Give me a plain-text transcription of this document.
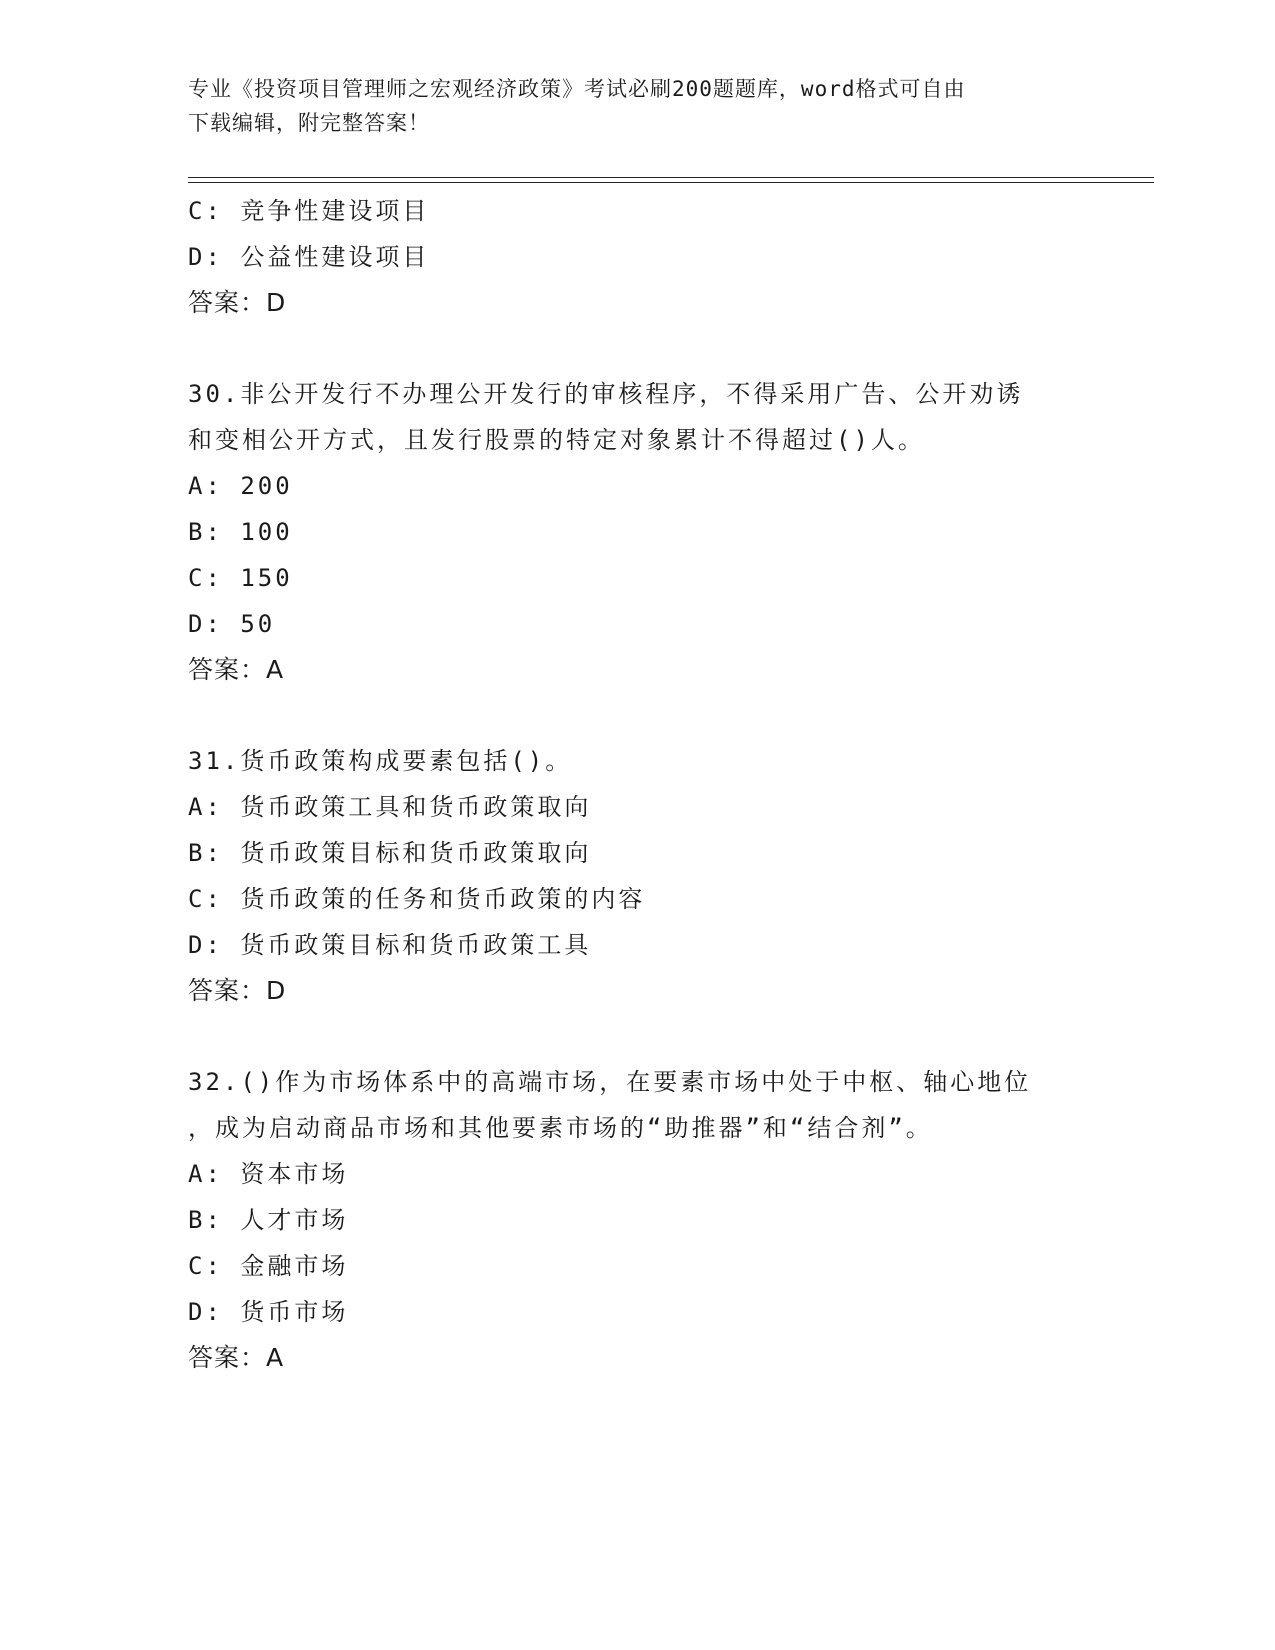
专业《投资项目管理师之宏观经济政策》考试必刷200题题库，word格式可自由
下载编辑，附完整答案！
C: 竞争性建设项目
D: 公益性建设项目
答案：D
30.非公开发行不办理公开发行的审核程序，不得采用广告、公开劝诱
和变相公开方式，且发行股票的特定对象累计不得超过()人。
A: 200
B: 100
C: 150
D: 50
答案：A
31.货币政策构成要素包括()。
A: 货币政策工具和货币政策取向
B: 货币政策目标和货币政策取向
C: 货币政策的任务和货币政策的内容
D: 货币政策目标和货币政策工具
答案：D
32.()作为市场体系中的高端市场，在要素市场中处于中枢、轴心地位
，成为启动商品市场和其他要素市场的“助推器”和“结合剂”。
A: 资本市场
B: 人才市场
C: 金融市场
D: 货币市场
答案：A
